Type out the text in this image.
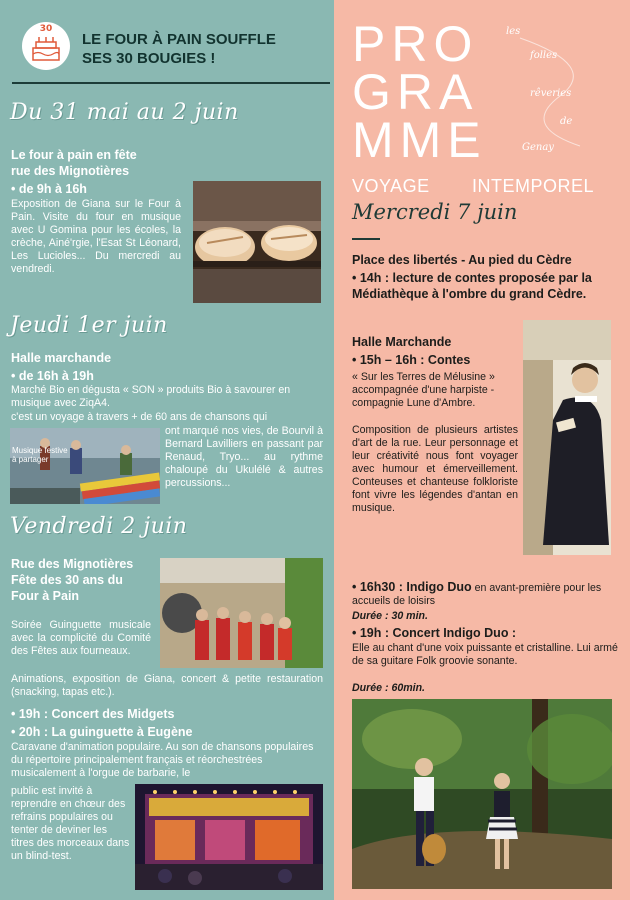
30
LE FOUR À PAIN SOUFFLE
SES 30 BOUGIES !
Du 31 mai au 2 juin
Le four à pain en fête
rue des Mignotières
• de 9h à 16h
Exposition de Giana sur le Four à Pain. Visite du four en musique avec U Gomina pour les écoles, la crèche, Ainé'rgie, l'Esat St Léonard, Les Lucioles... Du mercredi au vendredi.
Jeudi 1er juin
Halle marchande
• de 16h à 19h
Marché Bio en dégusta « SON » produits Bio à savourer en musique avec ZiqA4.
c'est un voyage à travers + de 60 ans de chansons qui
Musique festive
à partager
ont marqué nos vies, de Bourvil à Bernard Lavilliers en passant par Renaud, Tryo... au rythme chaloupé du Ukulélé & autres percussions...
Vendredi 2 juin
Rue des Mignotières
Fête des 30 ans du
Four à Pain
Soirée Guinguette musicale avec la complicité du Comité des Fêtes aux fourneaux.
Animations, exposition de Giana, concert & petite restauration (snacking, tapas etc.).
• 19h : Concert des Midgets
• 20h : La guinguette à Eugène
Caravane d'animation populaire. Au son de chansons populaires du répertoire principalement français et réorchestrées musicalement à l'orgue de barbarie, le
public est invité à reprendre en chœur des refrains populaires ou tenter de deviner les titres des morceaux dans un blind-test.
PRO
GRA
MME
les
folles
rêveries
de
Genay
VOYAGE INTEMPOREL
Mercredi 7 juin
Place des libertés - Au pied du Cèdre
• 14h : lecture de contes proposée par la Médiathèque à l'ombre du grand Cèdre.
Halle Marchande
• 15h – 16h : Contes
« Sur les Terres de Mélusine » accompagnée d'une harpiste - compagnie Lune d'Ambre.
Composition de plusieurs artistes d'art de la rue. Leur personnage et leur créativité nous font voyager avec humour et émerveillement. Conteuses et chanteuse folkloriste font vivre les légendes d'antan en musique.
• 16h30 : Indigo Duo en avant-première pour les accueils de loisirs
Durée : 30 min.
• 19h : Concert Indigo Duo :
Elle au chant d'une voix puissante et cristalline. Lui armé de sa guitare Folk groovie sonante.
Durée : 60min.
